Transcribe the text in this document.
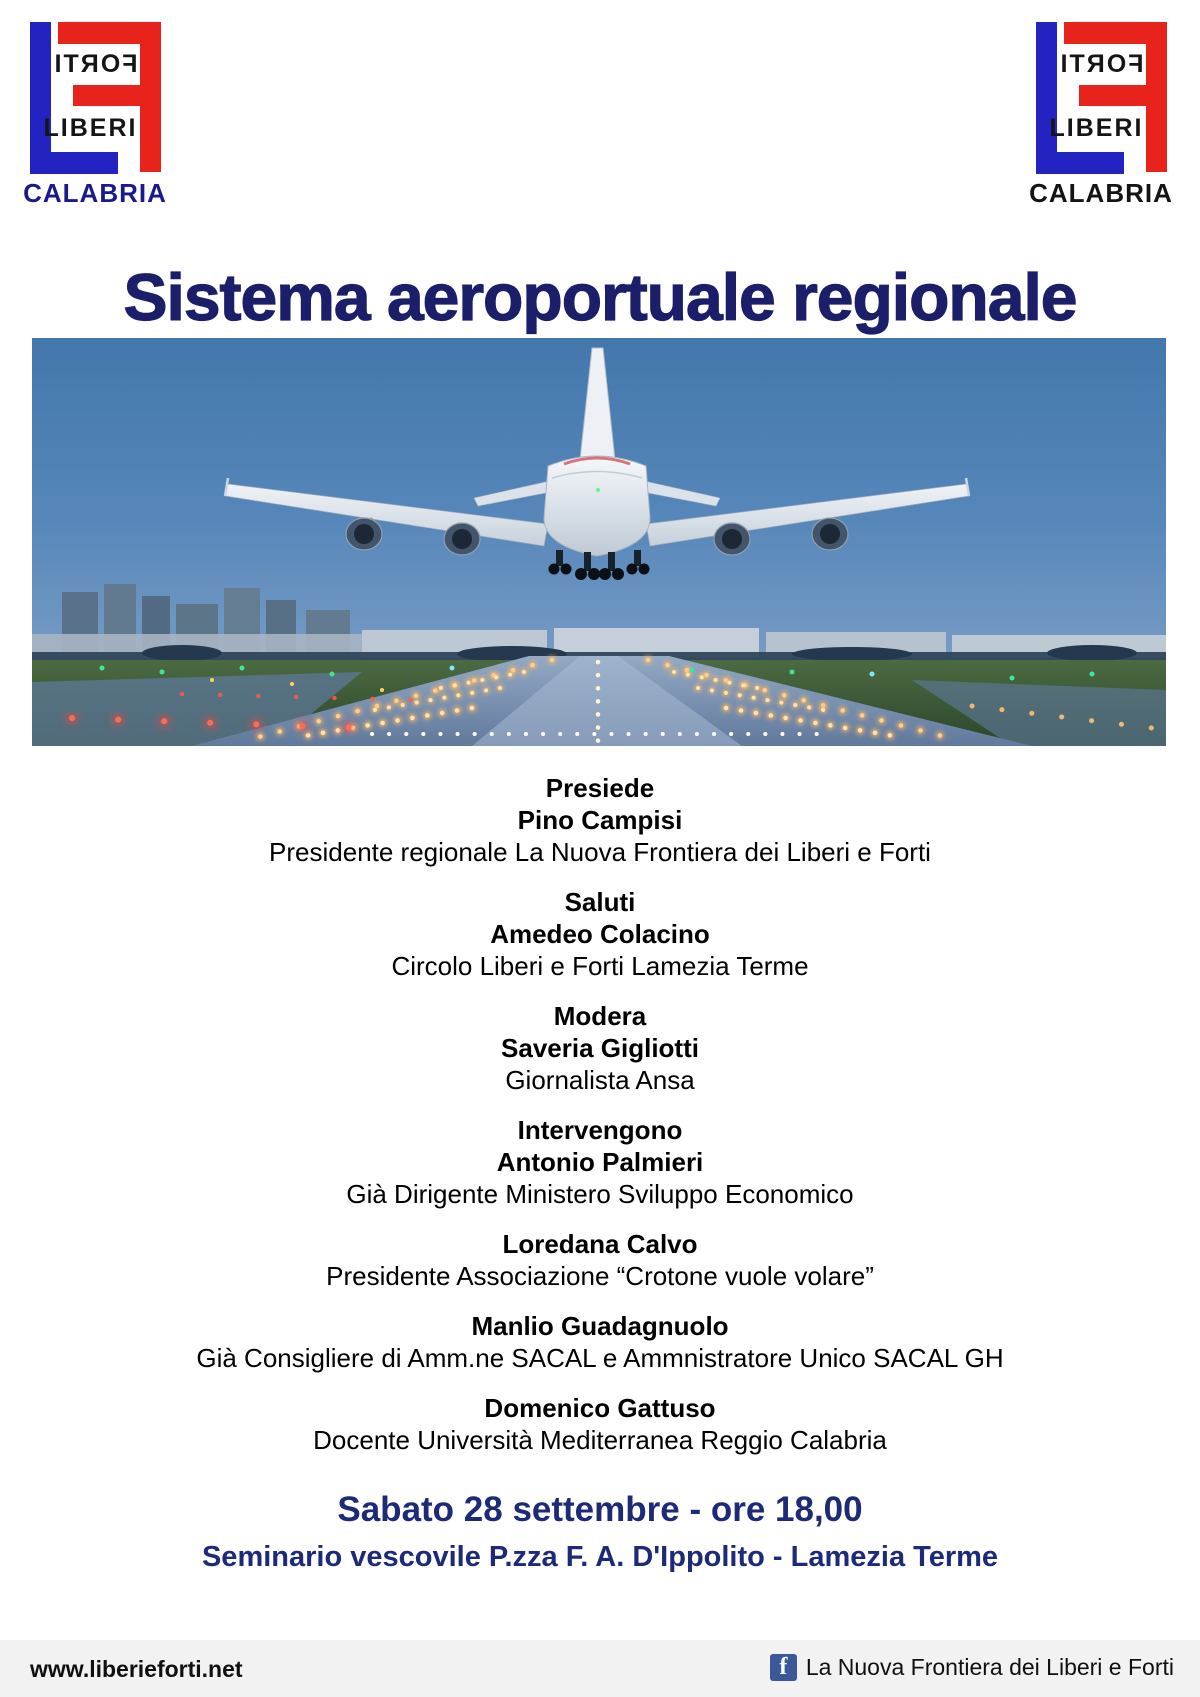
FORTI
LIBERI
CALABRIA
FORTI
LIBERI
CALABRIA
Sistema aeroportuale regionale
Presiede
Pino Campisi
Presidente regionale La Nuova Frontiera dei Liberi e Forti
Saluti
Amedeo Colacino
Circolo Liberi e Forti Lamezia Terme
Modera
Saveria Gigliotti
Giornalista Ansa
Intervengono
Antonio Palmieri
Già Dirigente Ministero Sviluppo Economico
Loredana Calvo
Presidente Associazione “Crotone vuole volare”
Manlio Guadagnuolo
Già Consigliere di Amm.ne SACAL e Ammnistratore Unico SACAL GH
Domenico Gattuso
Docente Università Mediterranea Reggio Calabria
Sabato 28 settembre - ore 18,00
Seminario vescovile P.zza F. A. D'Ippolito - Lamezia Terme
www.liberieforti.net	f La Nuova Frontiera dei Liberi e Forti
